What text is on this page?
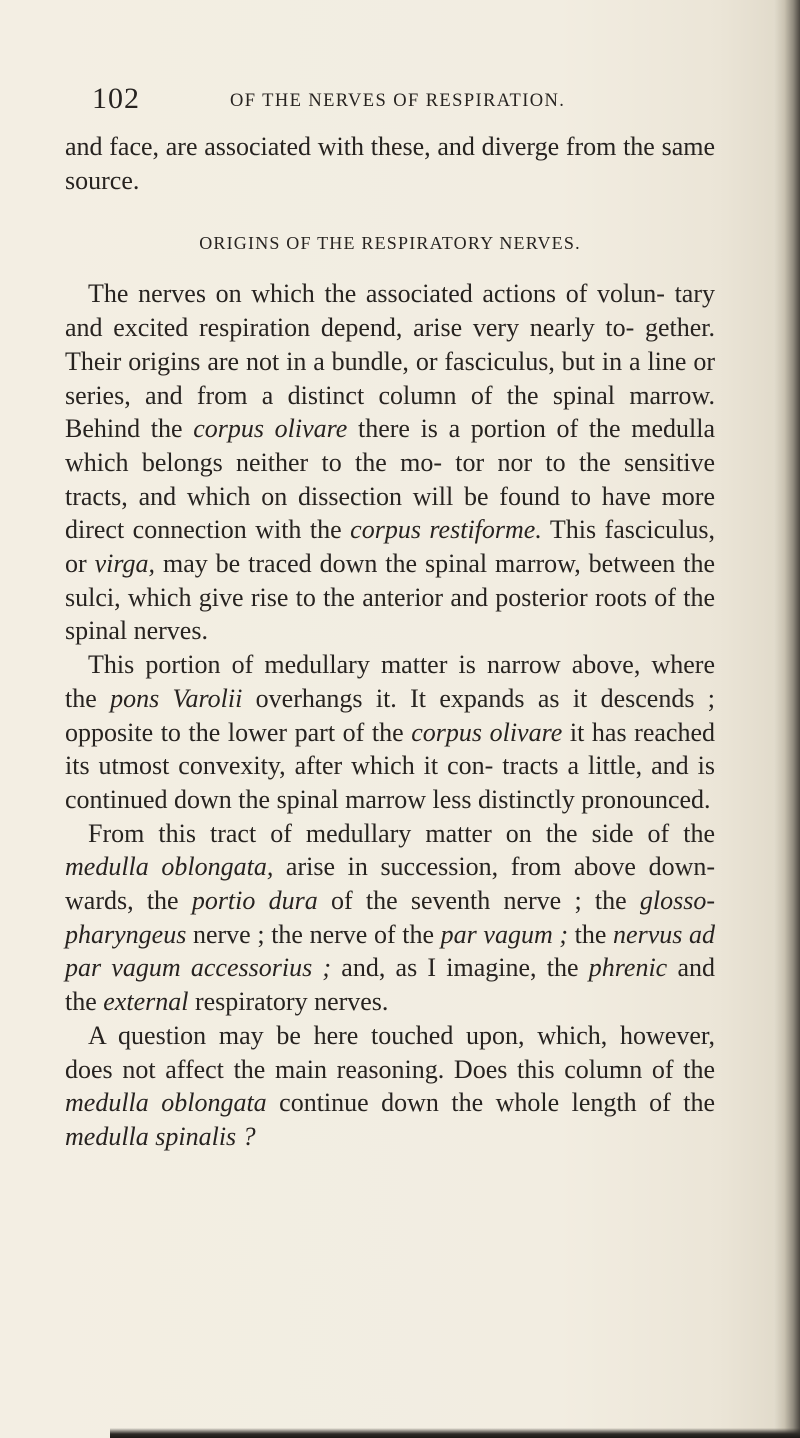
102	OF THE NERVES OF RESPIRATION.

and face, are associated with these, and diverge from the same source.

ORIGINS OF THE RESPIRATORY NERVES.

The nerves on which the associated actions of volun- tary and excited respiration depend, arise very nearly to- gether. Their origins are not in a bundle, or fasciculus, but in a line or series, and from a distinct column of the spinal marrow. Behind the corpus olivare there is a portion of the medulla which belongs neither to the mo- tor nor to the sensitive tracts, and which on dissection will be found to have more direct connection with the corpus restiforme. This fasciculus, or virga, may be traced down the spinal marrow, between the sulci, which give rise to the anterior and posterior roots of the spinal nerves.

This portion of medullary matter is narrow above, where the pons Varolii overhangs it. It expands as it descends ; opposite to the lower part of the corpus olivare it has reached its utmost convexity, after which it con- tracts a little, and is continued down the spinal marrow less distinctly pronounced.

From this tract of medullary matter on the side of the medulla oblongata, arise in succession, from above down- wards, the portio dura of the seventh nerve ; the glosso- pharyngeus nerve ; the nerve of the par vagum ; the nervus ad par vagum accessorius ; and, as I imagine, the phrenic and the external respiratory nerves.

A question may be here touched upon, which, however, does not affect the main reasoning. Does this column of the medulla oblongata continue down the whole length of the medulla spinalis ?
